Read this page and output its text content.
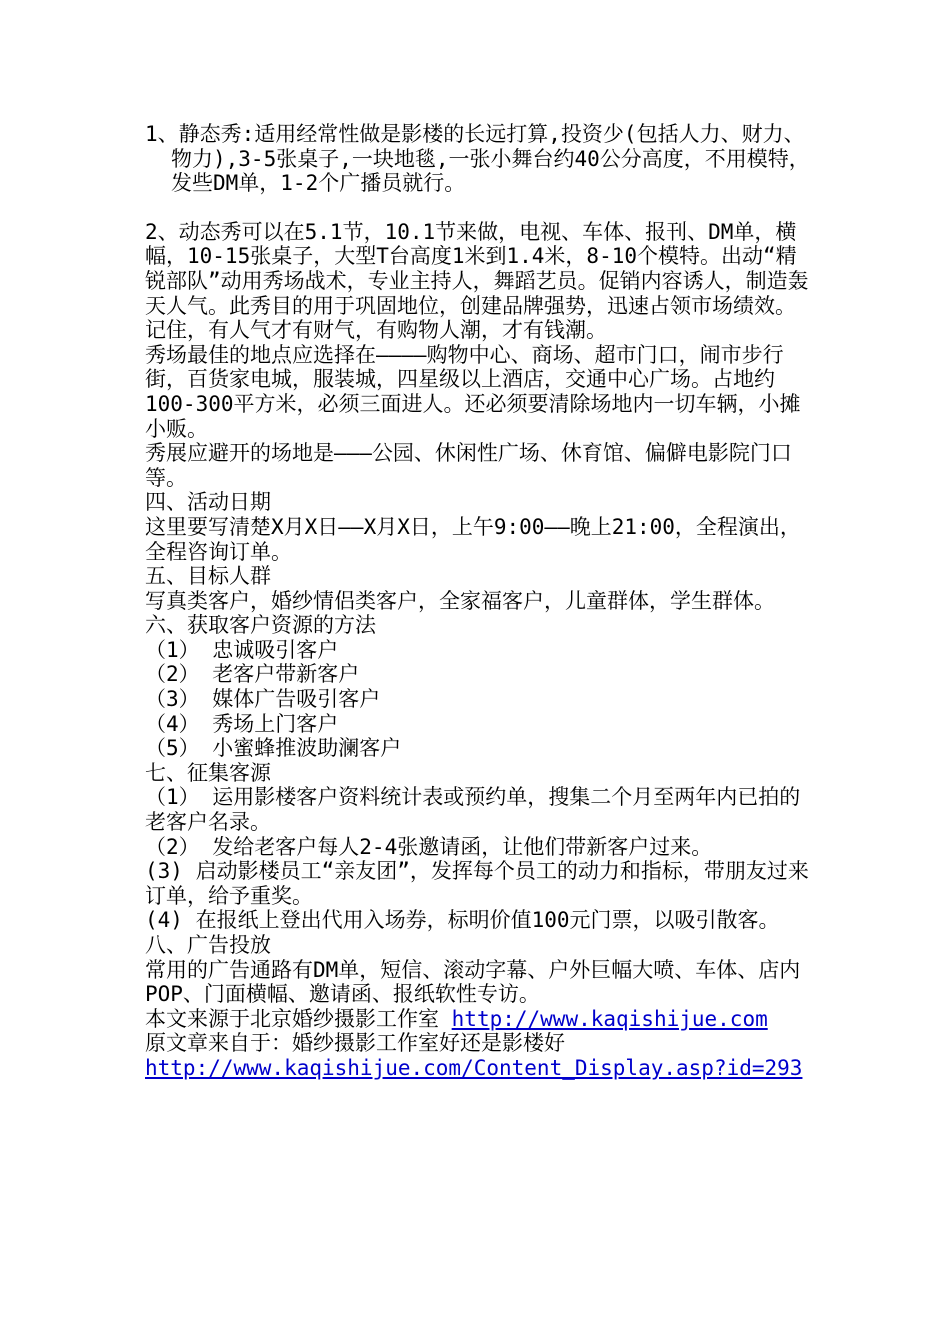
1、静态秀:适用经常性做是影楼的长远打算,投资少(包括人力、财力、物力),3-5张桌子,一块地毯,一张小舞台约40公分高度，不用模特，发些DM单，1-2个广播员就行。

2、动态秀可以在5.1节，10.1节来做，电视、车体、报刊、DM单，横幅，10-15张桌子，大型T台高度1米到1.4米，8-10个模特。出动“精锐部队”动用秀场战术，专业主持人，舞蹈艺员。促销内容诱人，制造轰天人气。此秀目的用于巩固地位，创建品牌强势，迅速占领市场绩效。

记住，有人气才有财气，有购物人潮，才有钱潮。

秀场最佳的地点应选择在————购物中心、商场、超市门口，闹市步行街，百货家电城，服装城，四星级以上酒店，交通中心广场。占地约100-300平方米，必须三面进人。还必须要清除场地内一切车辆，小摊小贩。

秀展应避开的场地是———公园、休闲性广场、休育馆、偏僻电影院门口等。

四、活动日期

这里要写清楚X月X日——X月X日，上午9:00——晚上21:00，全程演出，全程咨询订单。

五、目标人群

写真类客户，婚纱情侣类客户，全家福客户，儿童群体，学生群体。

六、获取客户资源的方法

（1） 忠诚吸引客户

（2） 老客户带新客户

（3） 媒体广告吸引客户

（4） 秀场上门客户

（5） 小蜜蜂推波助澜客户

七、征集客源

（1） 运用影楼客户资料统计表或预约单，搜集二个月至两年内已拍的老客户名录。

（2） 发给老客户每人2-4张邀请函，让他们带新客户过来。

(3) 启动影楼员工“亲友团”，发挥每个员工的动力和指标，带朋友过来订单，给予重奖。

(4) 在报纸上登出代用入场券，标明价值100元门票，以吸引散客。

八、广告投放

常用的广告通路有DM单，短信、滚动字幕、户外巨幅大喷、车体、店内POP、门面横幅、邀请函、报纸软性专访。

本文来源于北京婚纱摄影工作室 http://www.kaqishijue.com

原文章来自于：婚纱摄影工作室好还是影楼好

http://www.kaqishijue.com/Content_Display.asp?id=293
